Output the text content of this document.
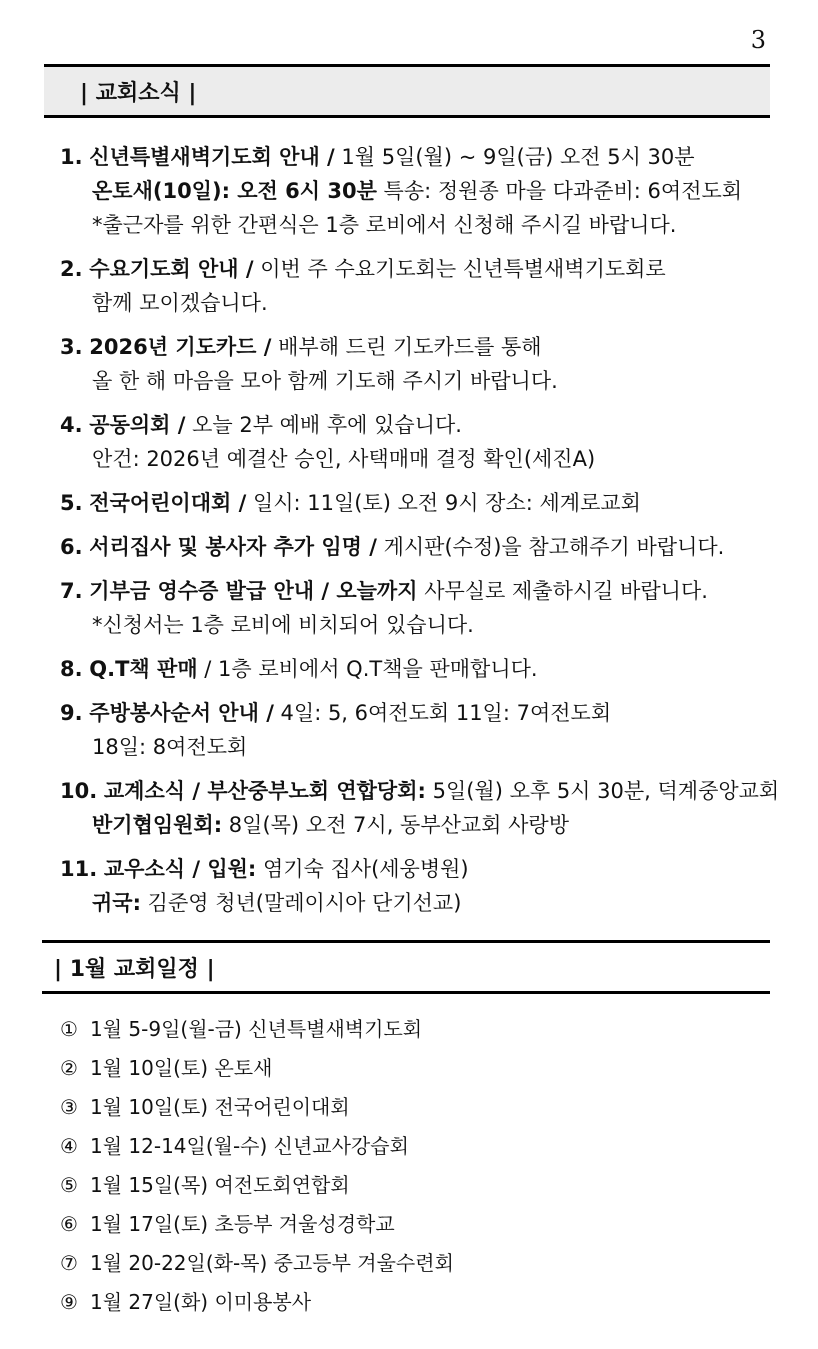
3
| 교회소식 |
1. 신년특별새벽기도회 안내 / 1월 5일(월) ~ 9일(금) 오전 5시 30분
온토새(10일): 오전 6시 30분 특송: 정원종 마을 다과준비: 6여전도회
*출근자를 위한 간편식은 1층 로비에서 신청해 주시길 바랍니다.
2. 수요기도회 안내 / 이번 주 수요기도회는 신년특별새벽기도회로
함께 모이겠습니다.
3. 2026년 기도카드 / 배부해 드린 기도카드를 통해
올 한 해 마음을 모아 함께 기도해 주시기 바랍니다.
4. 공동의회 / 오늘 2부 예배 후에 있습니다.
안건: 2026년 예결산 승인, 사택매매 결정 확인(세진A)
5. 전국어린이대회 / 일시: 11일(토) 오전 9시 장소: 세계로교회
6. 서리집사 및 봉사자 추가 임명 / 게시판(수정)을 참고해주기 바랍니다.
7. 기부금 영수증 발급 안내 / 오늘까지 사무실로 제출하시길 바랍니다.
*신청서는 1층 로비에 비치되어 있습니다.
8. Q.T책 판매 / 1층 로비에서 Q.T책을 판매합니다.
9. 주방봉사순서 안내 / 4일: 5, 6여전도회 11일: 7여전도회
18일: 8여전도회
10. 교계소식 / 부산중부노회 연합당회: 5일(월) 오후 5시 30분, 덕계중앙교회
반기협임원회: 8일(목) 오전 7시, 동부산교회 사랑방
11. 교우소식 / 입원: 염기숙 집사(세웅병원)
귀국: 김준영 청년(말레이시아 단기선교)
| 1월 교회일정 |
① 1월 5-9일(월-금) 신년특별새벽기도회
② 1월 10일(토) 온토새
③ 1월 10일(토) 전국어린이대회
④ 1월 12-14일(월-수) 신년교사강습회
⑤ 1월 15일(목) 여전도회연합회
⑥ 1월 17일(토) 초등부 겨울성경학교
⑦ 1월 20-22일(화-목) 중고등부 겨울수련회
⑨ 1월 27일(화) 이미용봉사
